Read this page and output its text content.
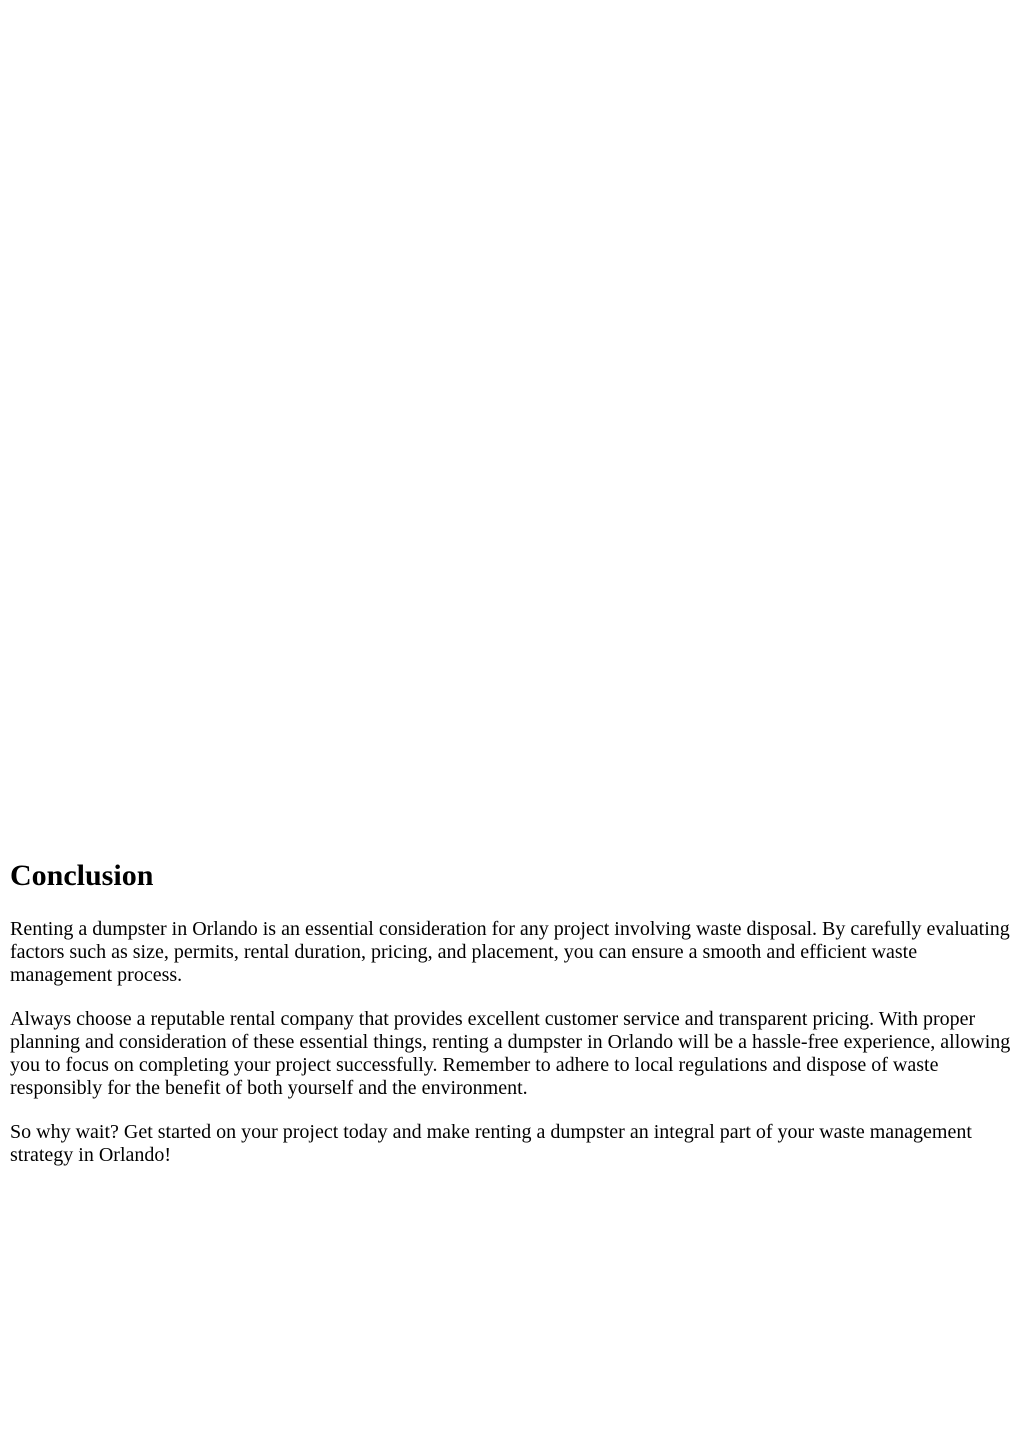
Conclusion

Renting a dumpster in Orlando is an essential consideration for any project involving waste disposal. By carefully evaluating factors such as size, permits, rental duration, pricing, and placement, you can ensure a smooth and efficient waste management process.

Always choose a reputable rental company that provides excellent customer service and transparent pricing. With proper planning and consideration of these essential things, renting a dumpster in Orlando will be a hassle-free experience, allowing you to focus on completing your project successfully. Remember to adhere to local regulations and dispose of waste responsibly for the benefit of both yourself and the environment.

So why wait? Get started on your project today and make renting a dumpster an integral part of your waste management strategy in Orlando!
